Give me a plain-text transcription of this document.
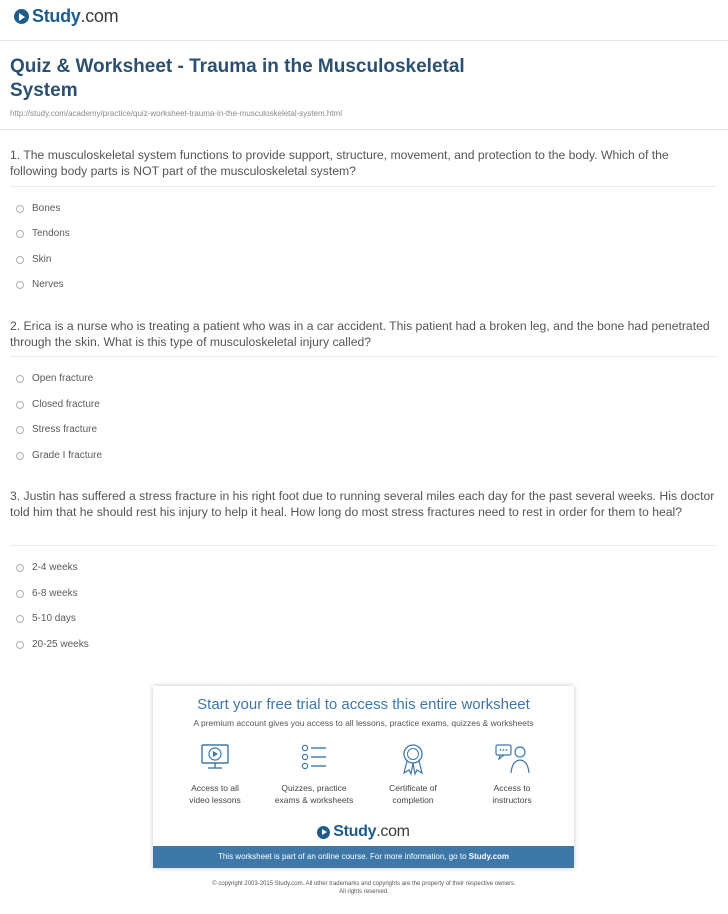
Study.com
Quiz & Worksheet - Trauma in the Musculoskeletal System
http://study.com/academy/practice/quiz-worksheet-trauma-in-the-musculoskeletal-system.html
1. The musculoskeletal system functions to provide support, structure, movement, and protection to the body. Which of the following body parts is NOT part of the musculoskeletal system?
Bones
Tendons
Skin
Nerves
2. Erica is a nurse who is treating a patient who was in a car accident. This patient had a broken leg, and the bone had penetrated through the skin. What is this type of musculoskeletal injury called?
Open fracture
Closed fracture
Stress fracture
Grade I fracture
3. Justin has suffered a stress fracture in his right foot due to running several miles each day for the past several weeks. His doctor told him that he should rest his injury to help it heal. How long do most stress fractures need to rest in order for them to heal?
2-4 weeks
6-8 weeks
5-10 days
20-25 weeks
Start your free trial to access this entire worksheet
A premium account gives you access to all lessons, practice exams, quizzes & worksheets
Access to all
video lessons
Quizzes, practice
exams & worksheets
Certificate of
completion
Access to
instructors
Study.com
This worksheet is part of an online course. For more information, go to Study.com
© copyright 2003-2015 Study.com. All other trademarks and copyrights are the property of their respective owners.
All rights reserved.
